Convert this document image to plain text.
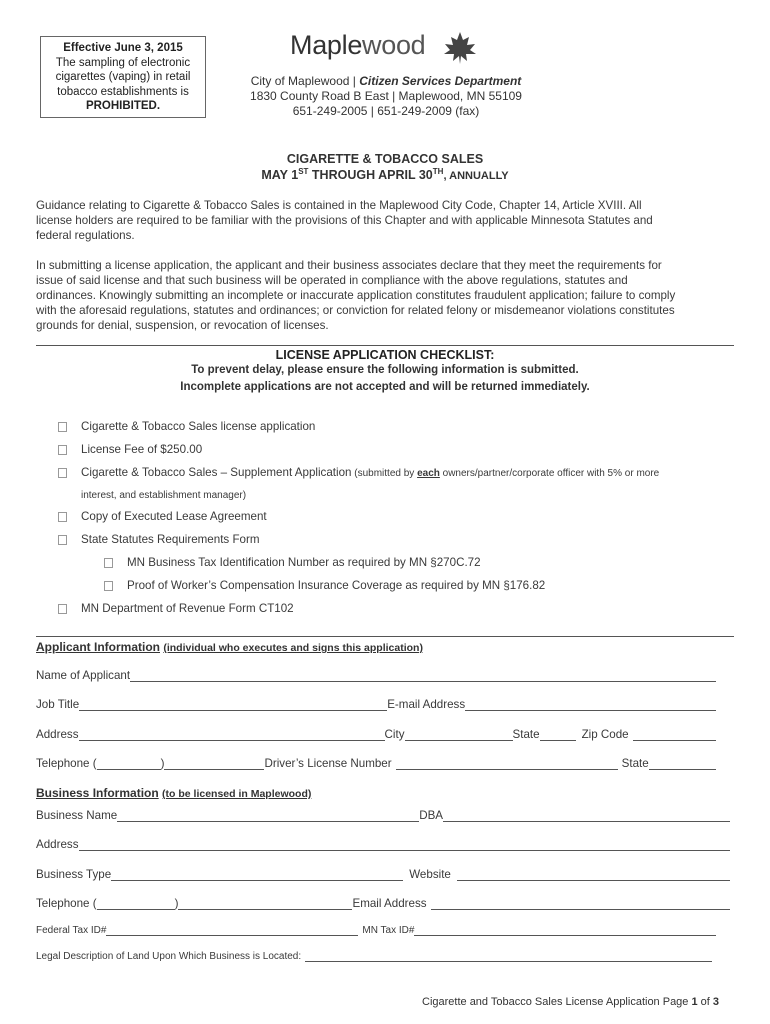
Effective June 3, 2015
The sampling of electronic
cigarettes (vaping) in retail
tobacco establishments is
PROHIBITED.
Maplewood
City of Maplewood | Citizen Services Department
1830 County Road B East | Maplewood, MN 55109
651-249-2005 | 651-249-2009 (fax)
CIGARETTE & TOBACCO SALES
MAY 1ST THROUGH APRIL 30TH, ANNUALLY
Guidance relating to Cigarette & Tobacco Sales is contained in the Maplewood City Code, Chapter 14, Article XVIII. All
license holders are required to be familiar with the provisions of this Chapter and with applicable Minnesota Statutes and
federal regulations.
In submitting a license application, the applicant and their business associates declare that they meet the requirements for
issue of said license and that such business will be operated in compliance with the above regulations, statutes and
ordinances. Knowingly submitting an incomplete or inaccurate application constitutes fraudulent application; failure to comply
with the aforesaid regulations, statutes and ordinances; or conviction for related felony or misdemeanor violations constitutes
grounds for denial, suspension, or revocation of licenses.
LICENSE APPLICATION CHECKLIST:
To prevent delay, please ensure the following information is submitted.
Incomplete applications are not accepted and will be returned immediately.
Cigarette & Tobacco Sales license application
License Fee of $250.00
Cigarette & Tobacco Sales – Supplement Application (submitted by each owners/partner/corporate officer with 5% or more
interest, and establishment manager)
Copy of Executed Lease Agreement
State Statutes Requirements Form
MN Business Tax Identification Number as required by MN §270C.72
Proof of Worker’s Compensation Insurance Coverage as required by MN §176.82
MN Department of Revenue Form CT102
Applicant Information (individual who executes and signs this application)
Name of Applicant
Job Title	E-mail Address
Address	City	State	Zip Code
Telephone (	)	Driver’s License Number	State
Business Information (to be licensed in Maplewood)
Business Name	DBA
Address
Business Type	Website
Telephone (	)	Email Address
Federal Tax ID#	MN Tax ID#
Legal Description of Land Upon Which Business is Located:
Cigarette and Tobacco Sales License Application Page 1 of 3
